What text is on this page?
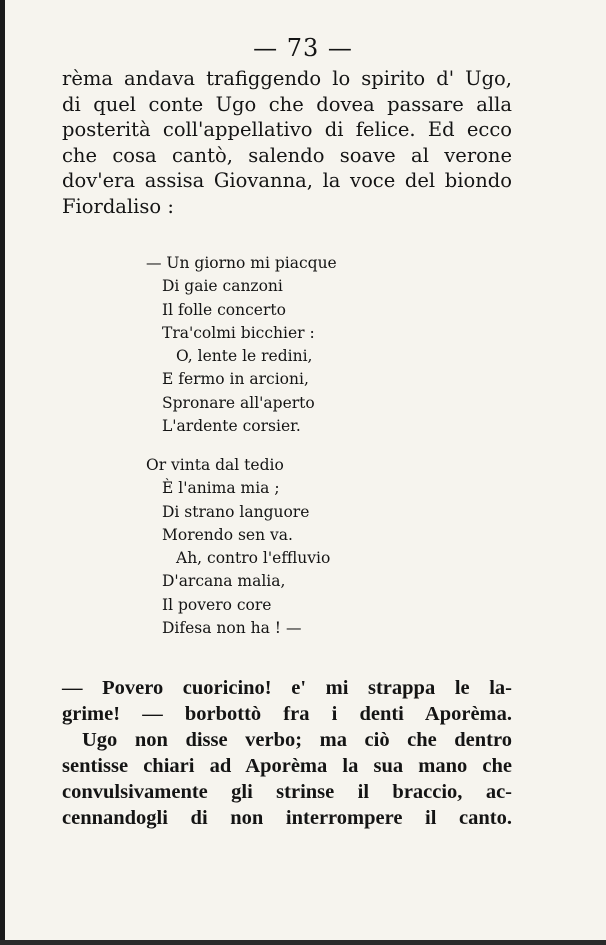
— 73 —
rèma andava trafiggendo lo spirito d' Ugo,
di quel conte Ugo che dovea passare alla
posterità coll'appellativo di felice. Ed ecco
che cosa cantò, salendo soave al verone
dov'era assisa Giovanna, la voce del biondo
Fiordaliso :
— Un giorno mi piacque
Di gaie canzoni
Il folle concerto
Tra'colmi bicchier :
O, lente le redini,
E fermo in arcioni,
Spronare all'aperto
L'ardente corsier.
Or vinta dal tedio
È l'anima mia ;
Di strano languore
Morendo sen va.
Ah, contro l'effluvio
D'arcana malia,
Il povero core
Difesa non ha ! —
— Povero cuoricino! e' mi strappa le la-
grime! — borbottò fra i denti Aporèma.
Ugo non disse verbo; ma ciò che dentro
sentisse chiari ad Aporèma la sua mano che
convulsivamente gli strinse il braccio, ac-
cennandogli di non interrompere il canto.
